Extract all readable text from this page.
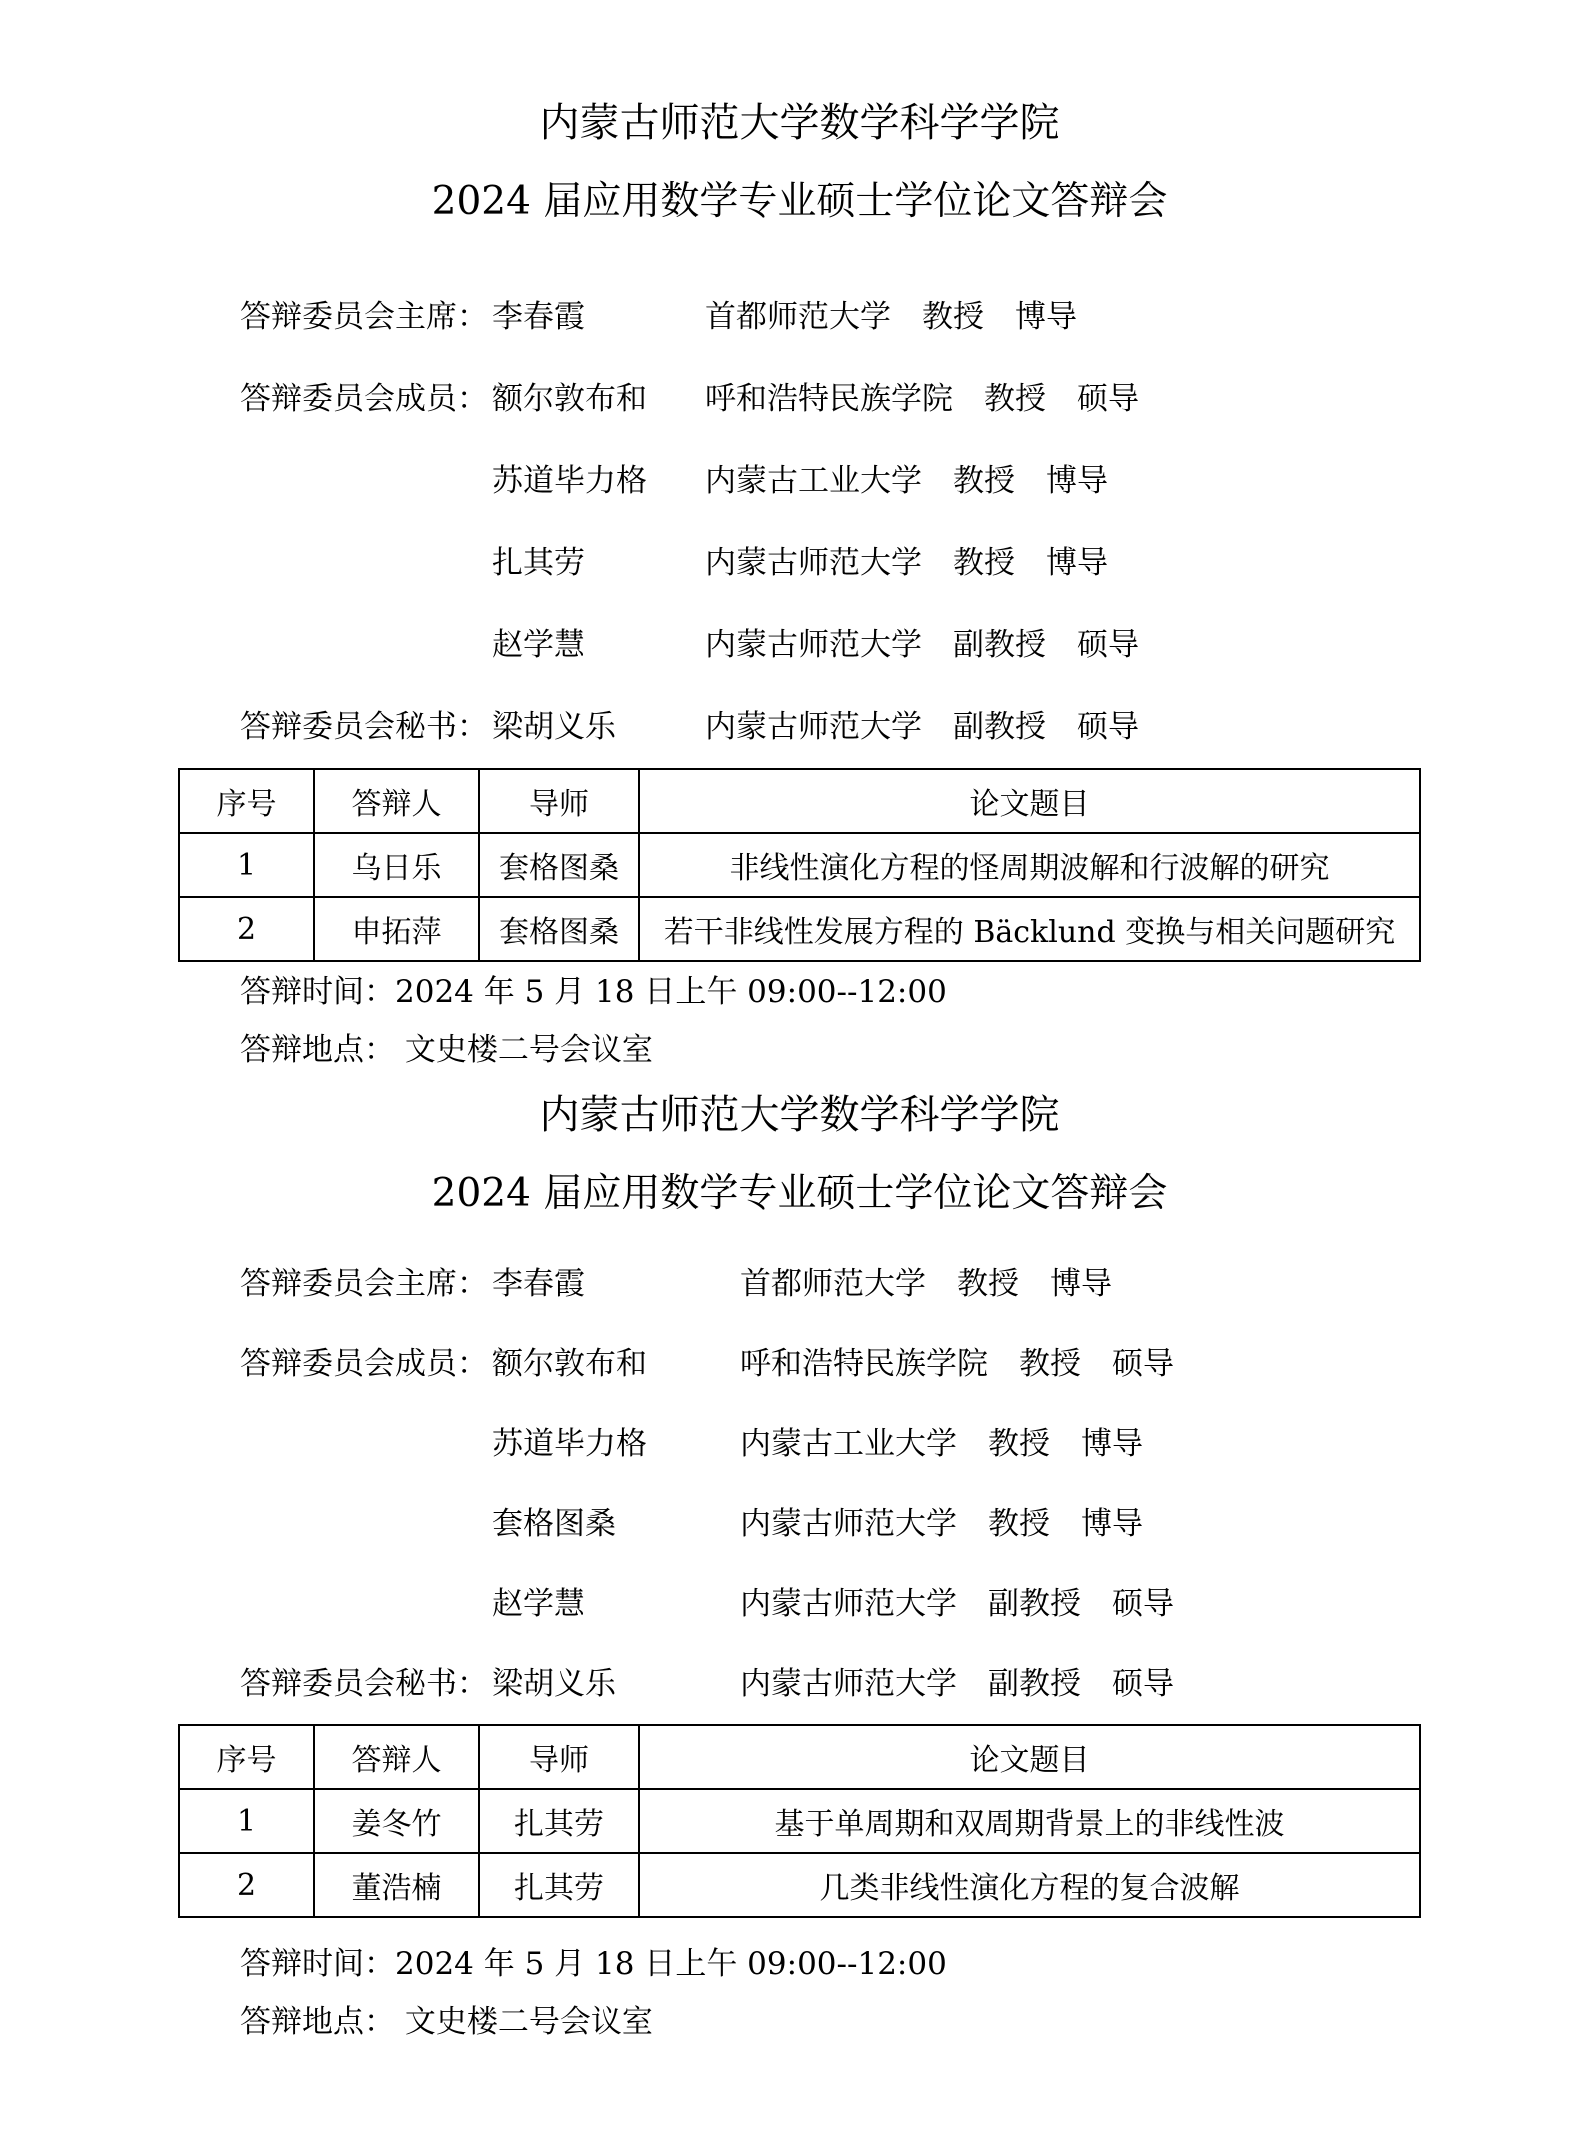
内蒙古师范大学数学科学学院
2024 届应用数学专业硕士学位论文答辩会
答辩委员会主席： 李春霞	首都师范大学　教授　博导
答辩委员会成员： 额尔敦布和	呼和浩特民族学院　教授　硕导
苏道毕力格	内蒙古工业大学　教授　博导
扎其劳	内蒙古师范大学　教授　博导
赵学慧	内蒙古师范大学　副教授　硕导
答辩委员会秘书： 梁胡义乐	内蒙古师范大学　副教授　硕导
序号	答辩人	导师	论文题目
1	乌日乐	套格图桑	非线性演化方程的怪周期波解和行波解的研究
2	申拓萍	套格图桑	若干非线性发展方程的 Bäcklund 变换与相关问题研究

答辩时间：2024 年 5 月 18 日上午 09:00--12:00

答辩地点： 文史楼二号会议室

内蒙古师范大学数学科学学院
2024 届应用数学专业硕士学位论文答辩会
答辩委员会主席： 李春霞	首都师范大学　教授　博导
答辩委员会成员： 额尔敦布和	呼和浩特民族学院　教授　硕导
苏道毕力格	内蒙古工业大学　教授　博导
套格图桑	内蒙古师范大学　教授　博导
赵学慧	内蒙古师范大学　副教授　硕导
答辩委员会秘书： 梁胡义乐	内蒙古师范大学　副教授　硕导
序号	答辩人	导师	论文题目
1	姜冬竹	扎其劳	基于单周期和双周期背景上的非线性波
2	董浩楠	扎其劳	几类非线性演化方程的复合波解

答辩时间：2024 年 5 月 18 日上午 09:00--12:00

答辩地点： 文史楼二号会议室
